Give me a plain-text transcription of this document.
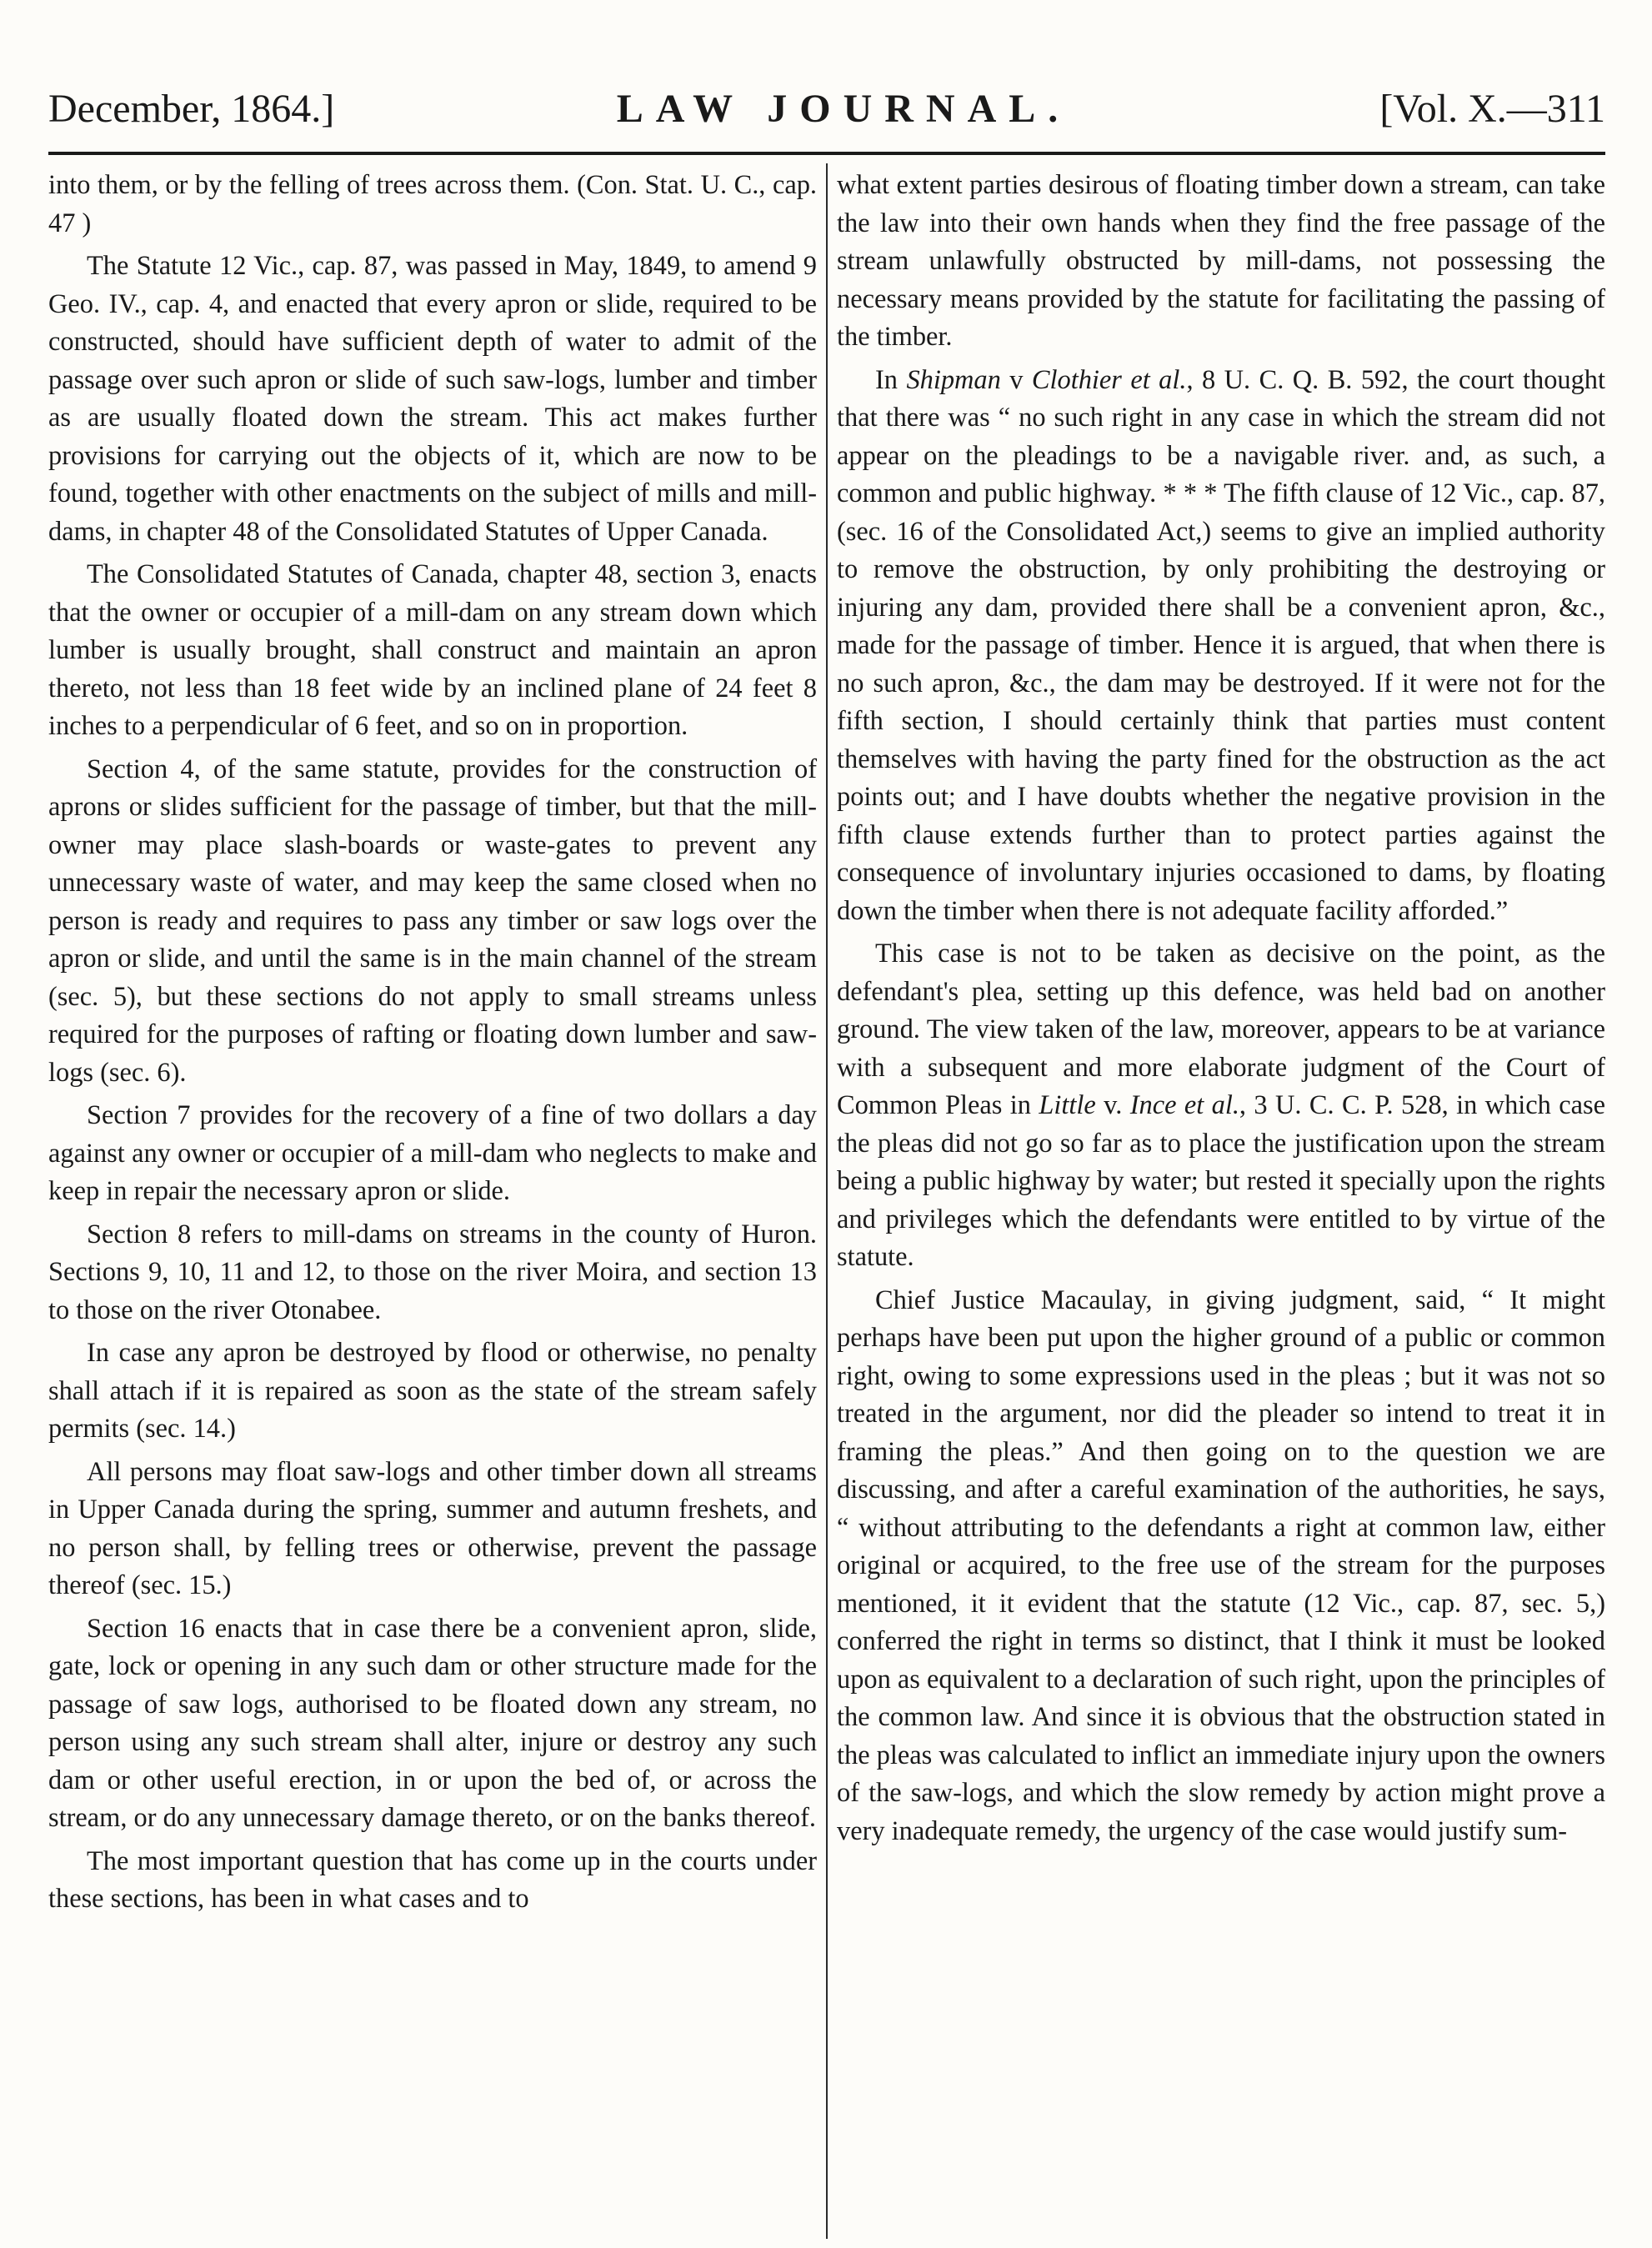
December, 1864.]	LAW JOURNAL.	[Vol. X.—311

into them, or by the felling of trees across them. (Con. Stat. U. C., cap. 47 )

The Statute 12 Vic., cap. 87, was passed in May, 1849, to amend 9 Geo. IV., cap. 4, and enacted that every apron or slide, required to be constructed, should have sufficient depth of water to admit of the passage over such apron or slide of such saw-logs, lumber and timber as are usually floated down the stream. This act makes further provisions for carrying out the objects of it, which are now to be found, together with other enactments on the subject of mills and mill-dams, in chapter 48 of the Consolidated Statutes of Upper Canada.

The Consolidated Statutes of Canada, chapter 48, section 3, enacts that the owner or occupier of a mill-dam on any stream down which lumber is usually brought, shall construct and maintain an apron thereto, not less than 18 feet wide by an inclined plane of 24 feet 8 inches to a perpendicular of 6 feet, and so on in proportion.

Section 4, of the same statute, provides for the construction of aprons or slides sufficient for the passage of timber, but that the mill-owner may place slash-boards or waste-gates to prevent any unnecessary waste of water, and may keep the same closed when no person is ready and requires to pass any timber or saw logs over the apron or slide, and until the same is in the main channel of the stream (sec. 5), but these sections do not apply to small streams unless required for the purposes of rafting or floating down lumber and saw-logs (sec. 6).

Section 7 provides for the recovery of a fine of two dollars a day against any owner or occupier of a mill-dam who neglects to make and keep in repair the necessary apron or slide.

Section 8 refers to mill-dams on streams in the county of Huron. Sections 9, 10, 11 and 12, to those on the river Moira, and section 13 to those on the river Otonabee.

In case any apron be destroyed by flood or otherwise, no penalty shall attach if it is repaired as soon as the state of the stream safely permits (sec. 14.)

All persons may float saw-logs and other timber down all streams in Upper Canada during the spring, summer and autumn freshets, and no person shall, by felling trees or otherwise, prevent the passage thereof (sec. 15.)

Section 16 enacts that in case there be a convenient apron, slide, gate, lock or opening in any such dam or other structure made for the passage of saw logs, authorised to be floated down any stream, no person using any such stream shall alter, injure or destroy any such dam or other useful erection, in or upon the bed of, or across the stream, or do any unnecessary damage thereto, or on the banks thereof.

The most important question that has come up in the courts under these sections, has been in what cases and to

what extent parties desirous of floating timber down a stream, can take the law into their own hands when they find the free passage of the stream unlawfully obstructed by mill-dams, not possessing the necessary means provided by the statute for facilitating the passing of the timber.

In Shipman v Clothier et al., 8 U. C. Q. B. 592, the court thought that there was “ no such right in any case in which the stream did not appear on the pleadings to be a navigable river. and, as such, a common and public highway. * * * The fifth clause of 12 Vic., cap. 87, (sec. 16 of the Consolidated Act,) seems to give an implied authority to remove the obstruction, by only prohibiting the destroying or injuring any dam, provided there shall be a convenient apron, &c., made for the passage of timber. Hence it is argued, that when there is no such apron, &c., the dam may be destroyed. If it were not for the fifth section, I should certainly think that parties must content themselves with having the party fined for the obstruction as the act points out; and I have doubts whether the negative provision in the fifth clause extends further than to protect parties against the consequence of involuntary injuries occasioned to dams, by floating down the timber when there is not adequate facility afforded.”

This case is not to be taken as decisive on the point, as the defendant's plea, setting up this defence, was held bad on another ground. The view taken of the law, moreover, appears to be at variance with a subsequent and more elaborate judgment of the Court of Common Pleas in Little v. Ince et al., 3 U. C. C. P. 528, in which case the pleas did not go so far as to place the justification upon the stream being a public highway by water; but rested it specially upon the rights and privileges which the defendants were entitled to by virtue of the statute.

Chief Justice Macaulay, in giving judgment, said, “ It might perhaps have been put upon the higher ground of a public or common right, owing to some expressions used in the pleas ; but it was not so treated in the argument, nor did the pleader so intend to treat it in framing the pleas.” And then going on to the question we are discussing, and after a careful examination of the authorities, he says, “ without attributing to the defendants a right at common law, either original or acquired, to the free use of the stream for the purposes mentioned, it it evident that the statute (12 Vic., cap. 87, sec. 5,) conferred the right in terms so distinct, that I think it must be looked upon as equivalent to a declaration of such right, upon the principles of the common law. And since it is obvious that the obstruction stated in the pleas was calculated to inflict an immediate injury upon the owners of the saw-logs, and which the slow remedy by action might prove a very inadequate remedy, the urgency of the case would justify sum-
